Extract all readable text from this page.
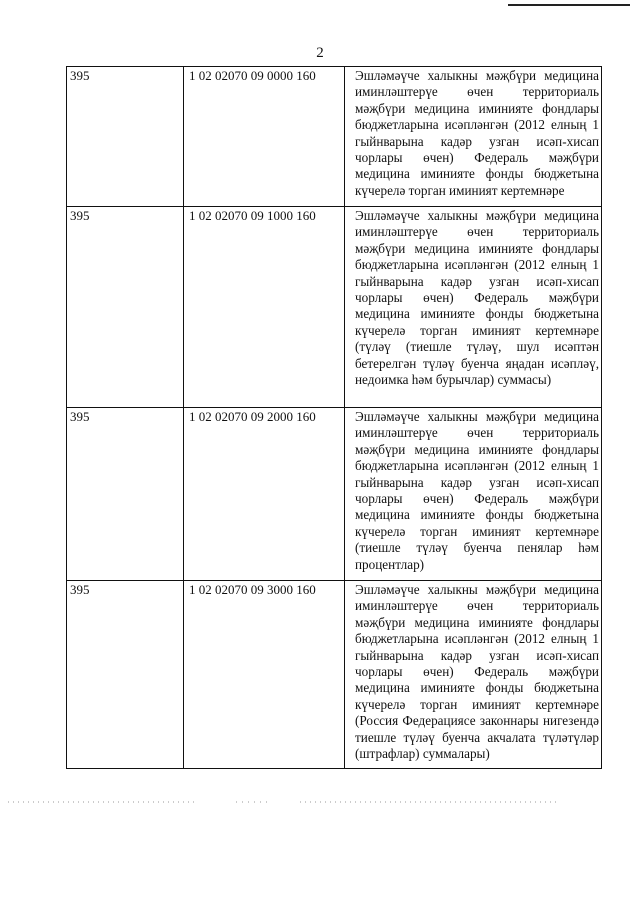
2
395	1 02 02070 09 0000 160	Эшләмәүче халыкны мәҗбүри медицина иминләштерүе өчен территориаль мәҗбүри медицина иминияте фондлары бюджетларына исәпләнгән (2012 елның 1 гыйнварына кадәр узган исәп-хисап чорлары өчен) Федераль мәҗбүри медицина иминияте фонды бюджетына күчерелә торган иминият кертемнәре
395	1 02 02070 09 1000 160	Эшләмәүче халыкны мәҗбүри медицина иминләштерүе өчен территориаль мәҗбүри медицина иминияте фондлары бюджетларына исәпләнгән (2012 елның 1 гыйнварына кадәр узган исәп-хисап чорлары өчен) Федераль мәҗбүри медицина иминияте фонды бюджетына күчерелә торган иминият кертемнәре (түләү (тиешле түләү, шул исәптән бетерелгән түләү буенча яңадан исәпләү, недоимка һәм бурычлар) суммасы)
395	1 02 02070 09 2000 160	Эшләмәүче халыкны мәҗбүри медицина иминләштерүе өчен территориаль мәҗбүри медицина иминияте фондлары бюджетларына исәпләнгән (2012 елның 1 гыйнварына кадәр узган исәп-хисап чорлары өчен) Федераль мәҗбүри медицина иминияте фонды бюджетына күчерелә торган иминият кертемнәре (тиешле түләү буенча пенялар һәм процентлар)
395	1 02 02070 09 3000 160	Эшләмәүче халыкны мәҗбүри медицина иминләштерүе өчен территориаль мәҗбүри медицина иминияте фондлары бюджетларына исәпләнгән (2012 елның 1 гыйнварына кадәр узган исәп-хисап чорлары өчен) Федераль мәҗбүри медицина иминияте фонды бюджетына күчерелә торган иминият кертемнәре (Россия Федерациясе законнары нигезендә тиешле түләү буенча акчалата түләтүләр (штрафлар) суммалары)
